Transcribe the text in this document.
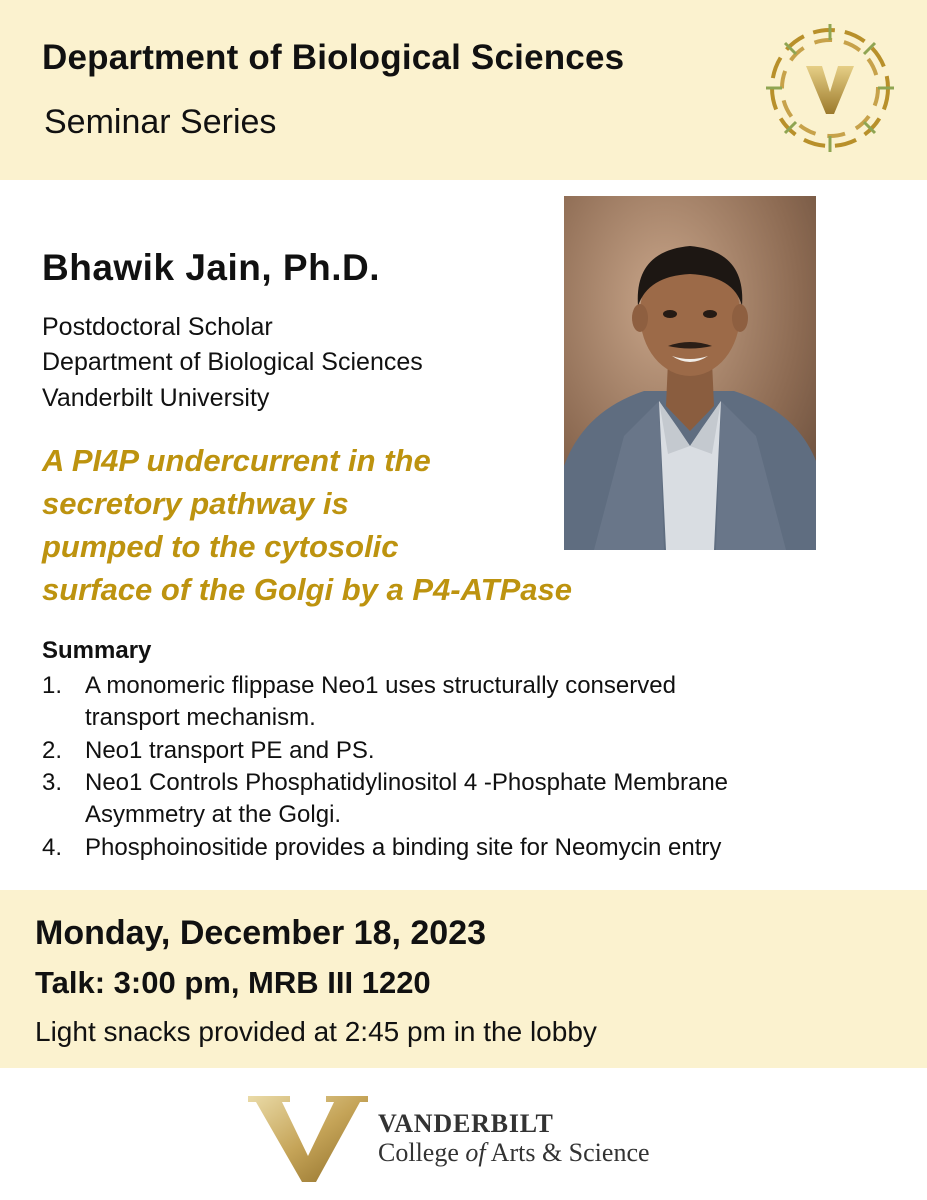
Department of Biological Sciences
Seminar Series
Bhawik Jain, Ph.D.
Postdoctoral Scholar
Department of Biological Sciences
Vanderbilt University
A PI4P undercurrent in the
secretory pathway is
pumped to the cytosolic
surface of the Golgi by a P4-ATPase
Summary
1. A monomeric flippase Neo1 uses structurally conserved
transport mechanism.
2. Neo1 transport PE and PS.
3. Neo1 Controls Phosphatidylinositol 4 -Phosphate Membrane
Asymmetry at the Golgi.
4. Phosphoinositide provides a binding site for Neomycin entry
Monday, December 18, 2023
Talk: 3:00 pm, MRB III 1220
Light snacks provided at 2:45 pm in the lobby
VANDERBILT
College of Arts & Science
